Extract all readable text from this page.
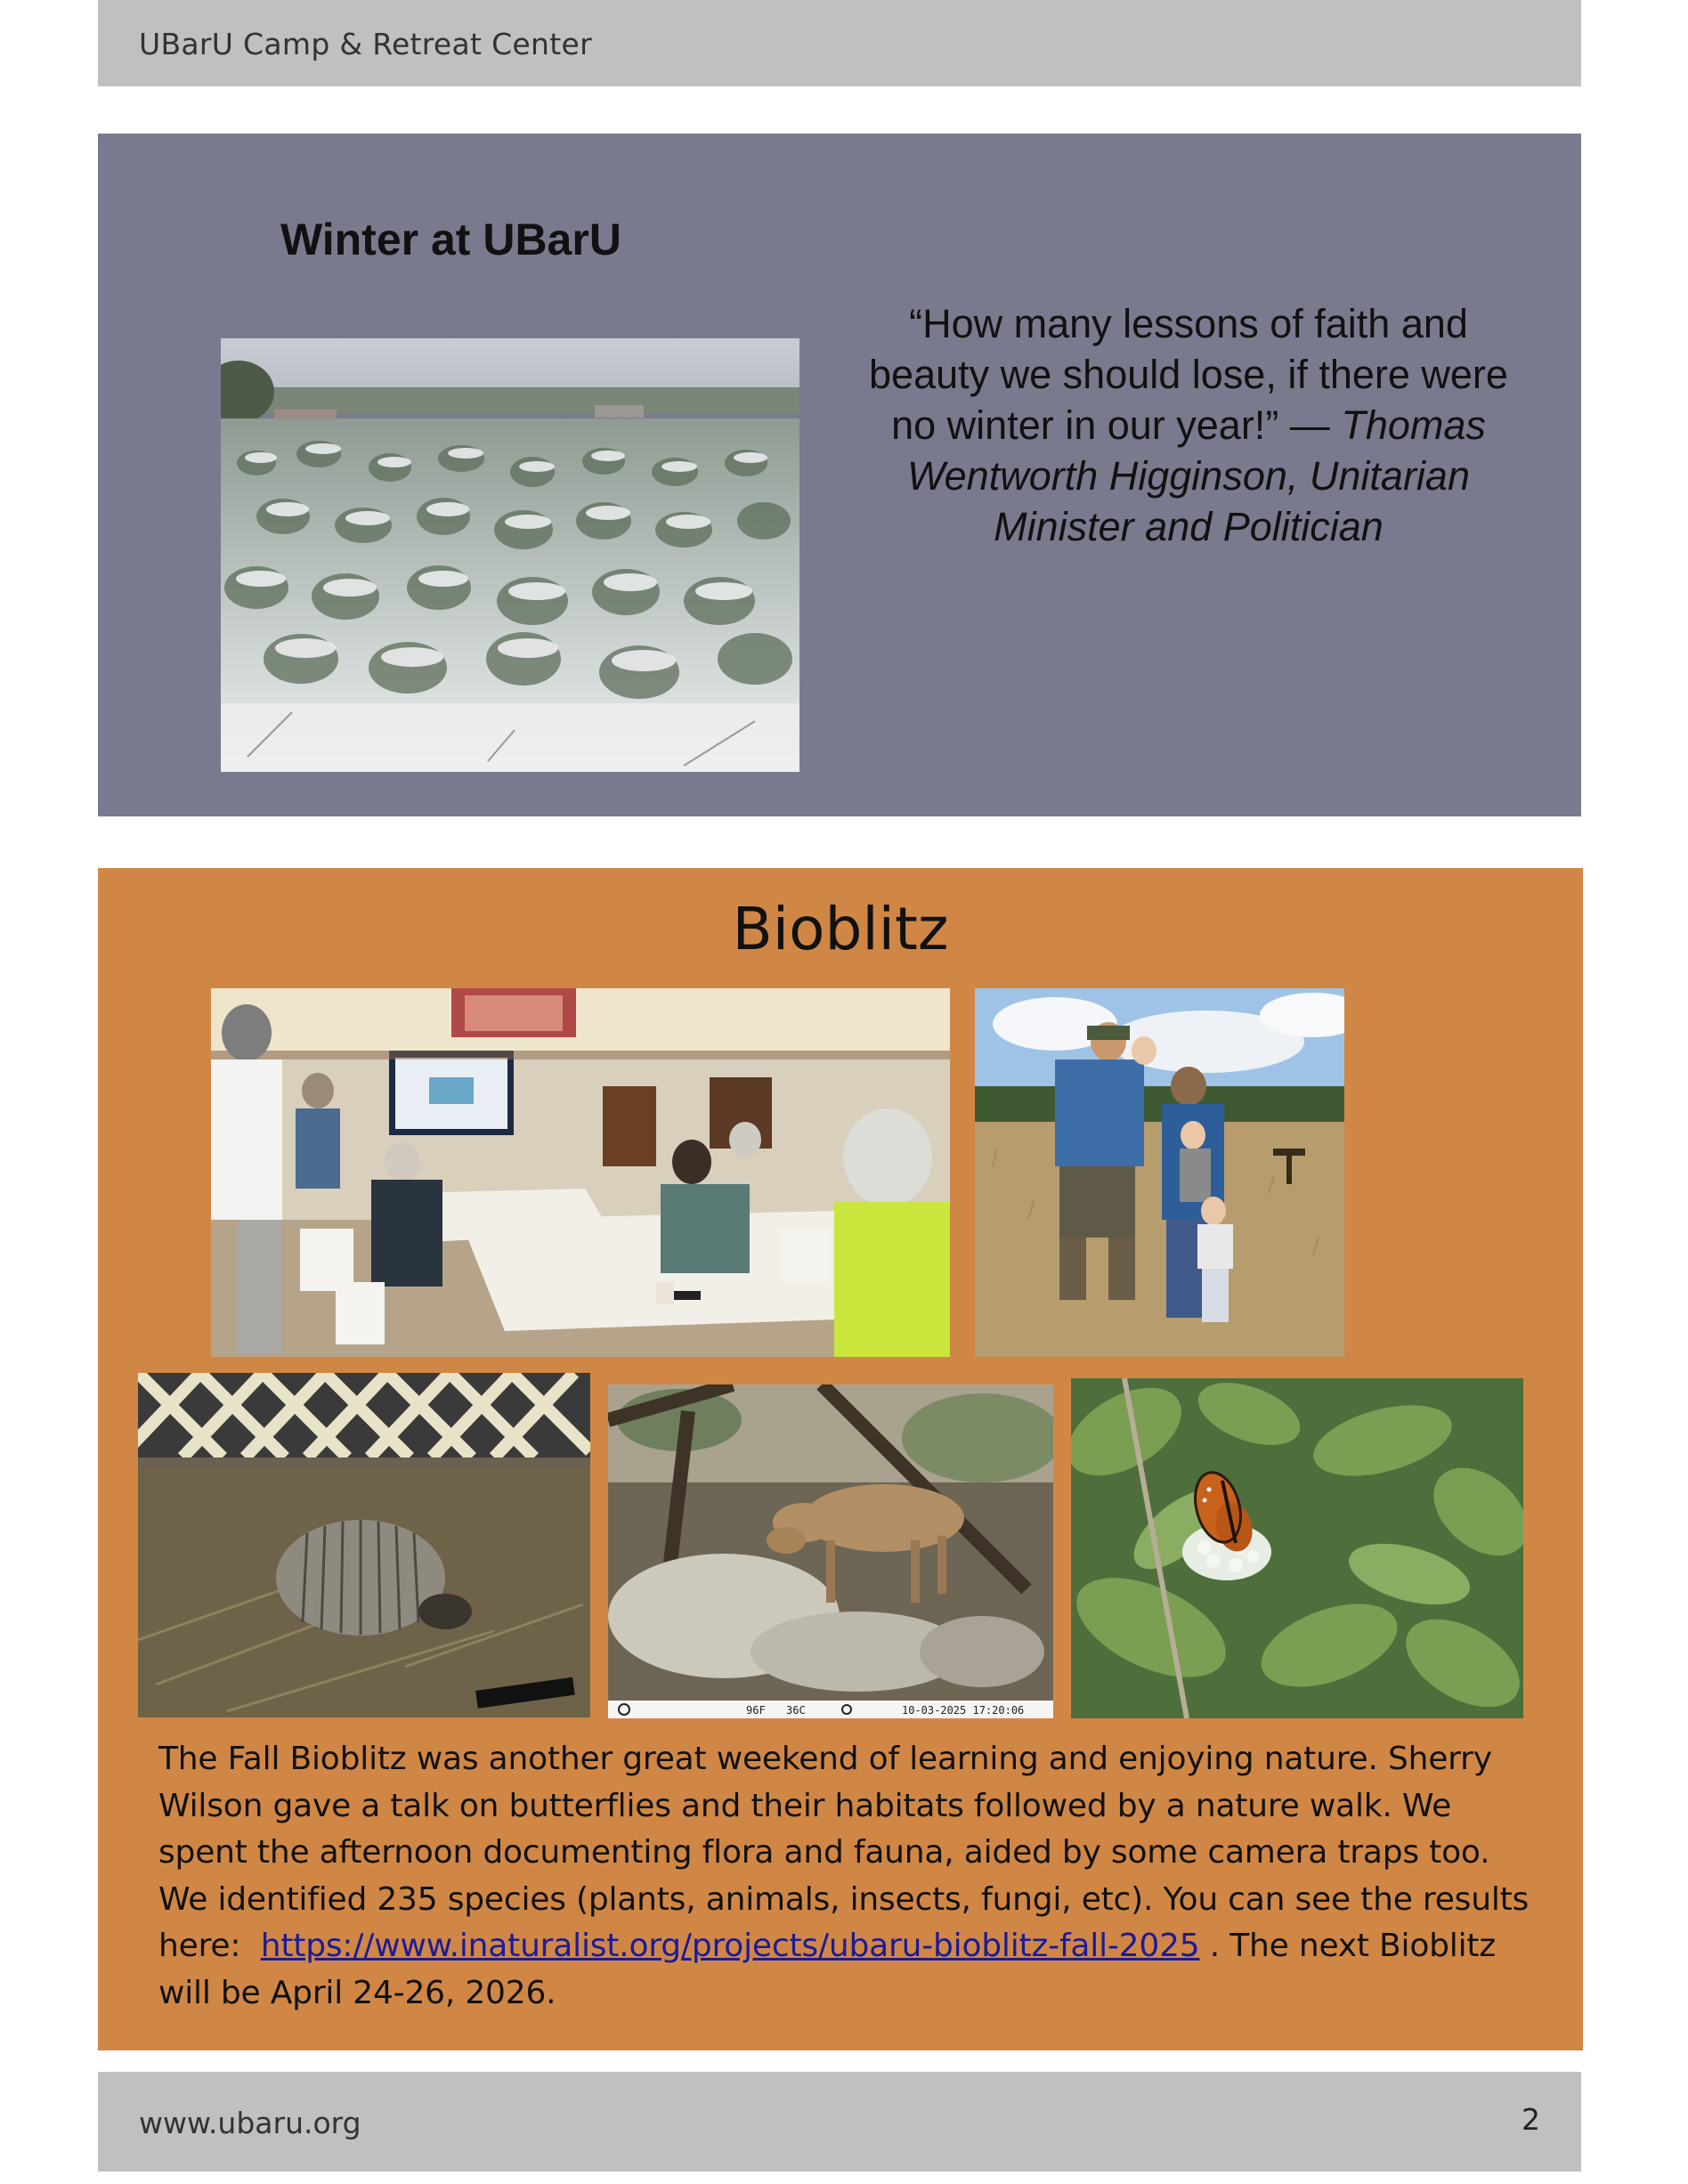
UBarU Camp & Retreat Center
Winter at UBarU
“How many lessons of faith and beauty we should lose, if there were no winter in our year!” — Thomas Wentworth Higginson, Unitarian Minister and Politician
Bioblitz
96F 36C	10-03-2025 17:20:06
The Fall Bioblitz was another great weekend of learning and enjoying nature. Sherry Wilson gave a talk on butterflies and their habitats followed by a nature walk. We spent the afternoon documenting flora and fauna, aided by some camera traps too. We identified 235 species (plants, animals, insects, fungi, etc). You can see the results here: https://www.inaturalist.org/projects/ubaru-bioblitz-fall-2025 . The next Bioblitz will be April 24-26, 2026.
www.ubaru.org	2
